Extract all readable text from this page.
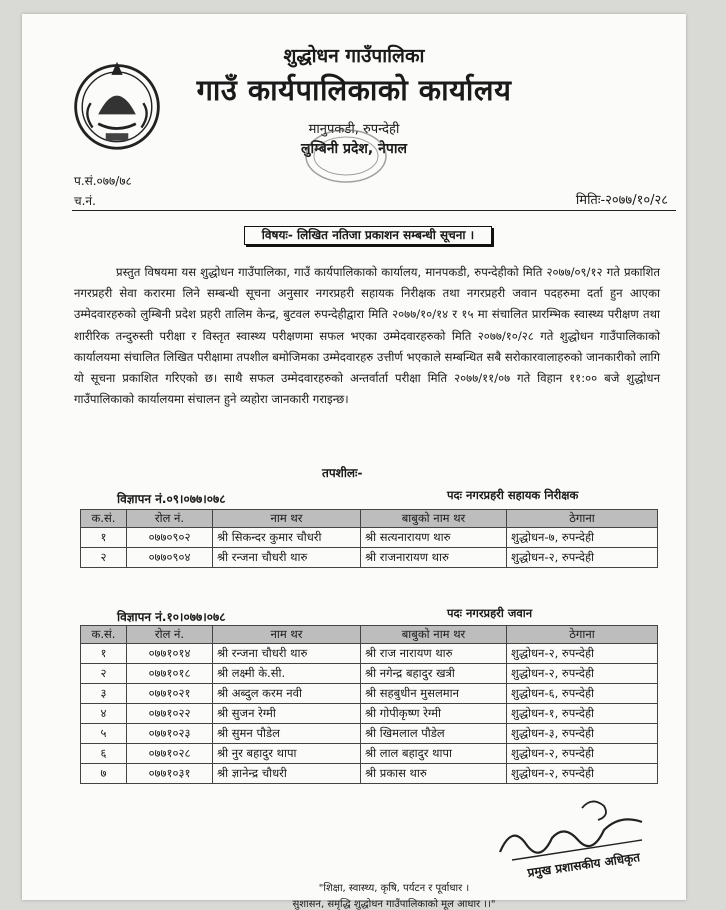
शुद्धोधन गाउँपालिका
गाउँ कार्यपालिकाको कार्यालय
मानुपकडी, रुपन्देही
लुम्बिनी प्रदेश, नेपाल
प.सं.०७७/७८
च.नं.	मितिः-२०७७/१०/२८
विषयः- लिखित नतिजा प्रकाशन सम्बन्धी सूचना ।
प्रस्तुत विषयमा यस शुद्धोधन गाउँपालिका, गाउँ कार्यपालिकाको कार्यालय, मानपकडी, रुपन्देहीको मिति २०७७/०९/१२ गते प्रकाशित नगरप्रहरी सेवा करारमा लिने सम्बन्धी सूचना अनुसार नगरप्रहरी सहायक निरीक्षक तथा नगरप्रहरी जवान पदहरुमा दर्ता हुन आएका उम्मेदवारहरुको लुम्बिनी प्रदेश प्रहरी तालिम केन्द्र, बुटवल रुपन्देहीद्वारा मिति २०७७/१०/१४ र १५ मा संचालित प्रारम्भिक स्वास्थ्य परीक्षण तथा शारीरिक तन्दुरुस्ती परीक्षा र विस्तृत स्वास्थ्य परीक्षणमा सफल भएका उम्मेदवारहरुको मिति २०७७/१०/२८ गते शुद्धोधन गाउँपालिकाको कार्यालयमा संचालित लिखित परीक्षामा तपशील बमोजिमका उम्मेदवारहरु उत्तीर्ण भएकाले सम्बन्धित सबै सरोकारवालाहरुको जानकारीको लागि यो सूचना प्रकाशित गरिएको छ। साथै सफल उम्मेदवारहरुको अन्तर्वार्ता परीक्षा मिति २०७७/११/०७ गते विहान ११:०० बजे शुद्धोधन गाउँपालिकाको कार्यालयमा संचालन हुने व्यहोरा जानकारी गराइन्छ।
तपशीलः-
विज्ञापन नं.०९।०७७।०७८	पदः नगरप्रहरी सहायक निरीक्षक
क.सं.	रोल नं.	नाम थर	बाबुको नाम थर	ठेगाना
१	०७७०९०२	श्री सिकन्दर कुमार चौधरी	श्री सत्यनारायण थारु	शुद्धोधन-७, रुपन्देही
२	०७७०९०४	श्री रन्जना चौधरी थारु	श्री राजनारायण थारु	शुद्धोधन-२, रुपन्देही
विज्ञापन नं.१०।०७७।०७८	पदः नगरप्रहरी जवान
क.सं.	रोल नं.	नाम थर	बाबुको नाम थर	ठेगाना
१	०७७१०१४	श्री रन्जना चौधरी थारु	श्री राज नारायण थारु	शुद्धोधन-२, रुपन्देही
२	०७७१०१८	श्री लक्ष्मी के.सी.	श्री नगेन्द्र बहादुर खत्री	शुद्धोधन-२, रुपन्देही
३	०७७१०२१	श्री अब्दुल करम नवी	श्री सहबुधीन मुसलमान	शुद्धोधन-६, रुपन्देही
४	०७७१०२२	श्री सुजन रेग्मी	श्री गोपीकृष्ण रेग्मी	शुद्धोधन-१, रुपन्देही
५	०७७१०२३	श्री सुमन पौडेल	श्री खिमलाल पौडेल	शुद्धोधन-३, रुपन्देही
६	०७७१०२८	श्री नुर बहादुर थापा	श्री लाल बहादुर थापा	शुद्धोधन-२, रुपन्देही
७	०७७१०३१	श्री ज्ञानेन्द्र चौधरी	श्री प्रकास थारु	शुद्धोधन-२, रुपन्देही
प्रमुख प्रशासकीय अधिकृत
"शिक्षा, स्वास्थ्य, कृषि, पर्यटन र पूर्वाधार ।
सुशासन, समृद्धि शुद्धोधन गाउँपालिकाको मूल आधार ।।"
